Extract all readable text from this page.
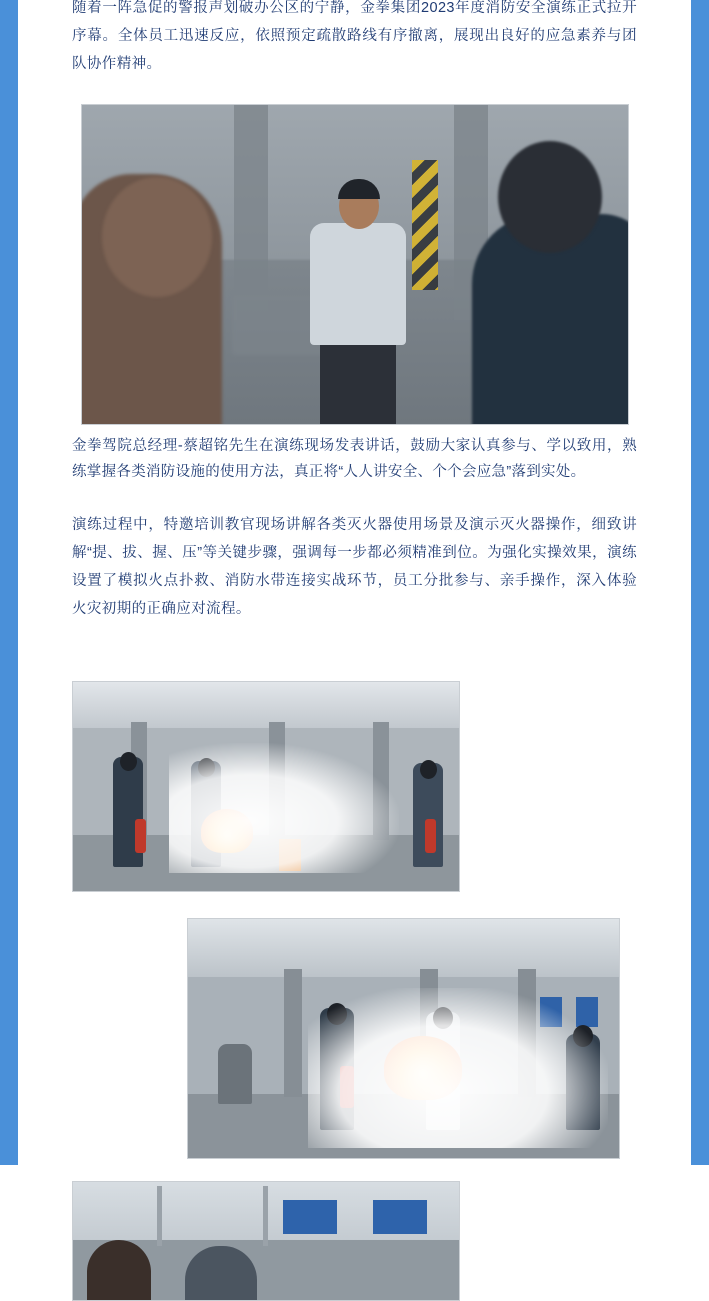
随着一阵急促的警报声划破办公区的宁静，金拳集团2023年度消防安全演练正式拉开序幕。全体员工迅速反应，依照预定疏散路线有序撤离，展现出良好的应急素养与团队协作精神。

金拳驾院总经理-蔡超铭先生在演练现场发表讲话，鼓励大家认真参与、学以致用，熟练掌握各类消防设施的使用方法，真正将“人人讲安全、个个会应急”落到实处。

演练过程中，特邀培训教官现场讲解各类灭火器使用场景及演示灭火器操作，细致讲解“提、拔、握、压”等关键步骤，强调每一步都必须精准到位。为强化实操效果，演练设置了模拟火点扑救、消防水带连接实战环节，员工分批参与、亲手操作，深入体验火灾初期的正确应对流程。
